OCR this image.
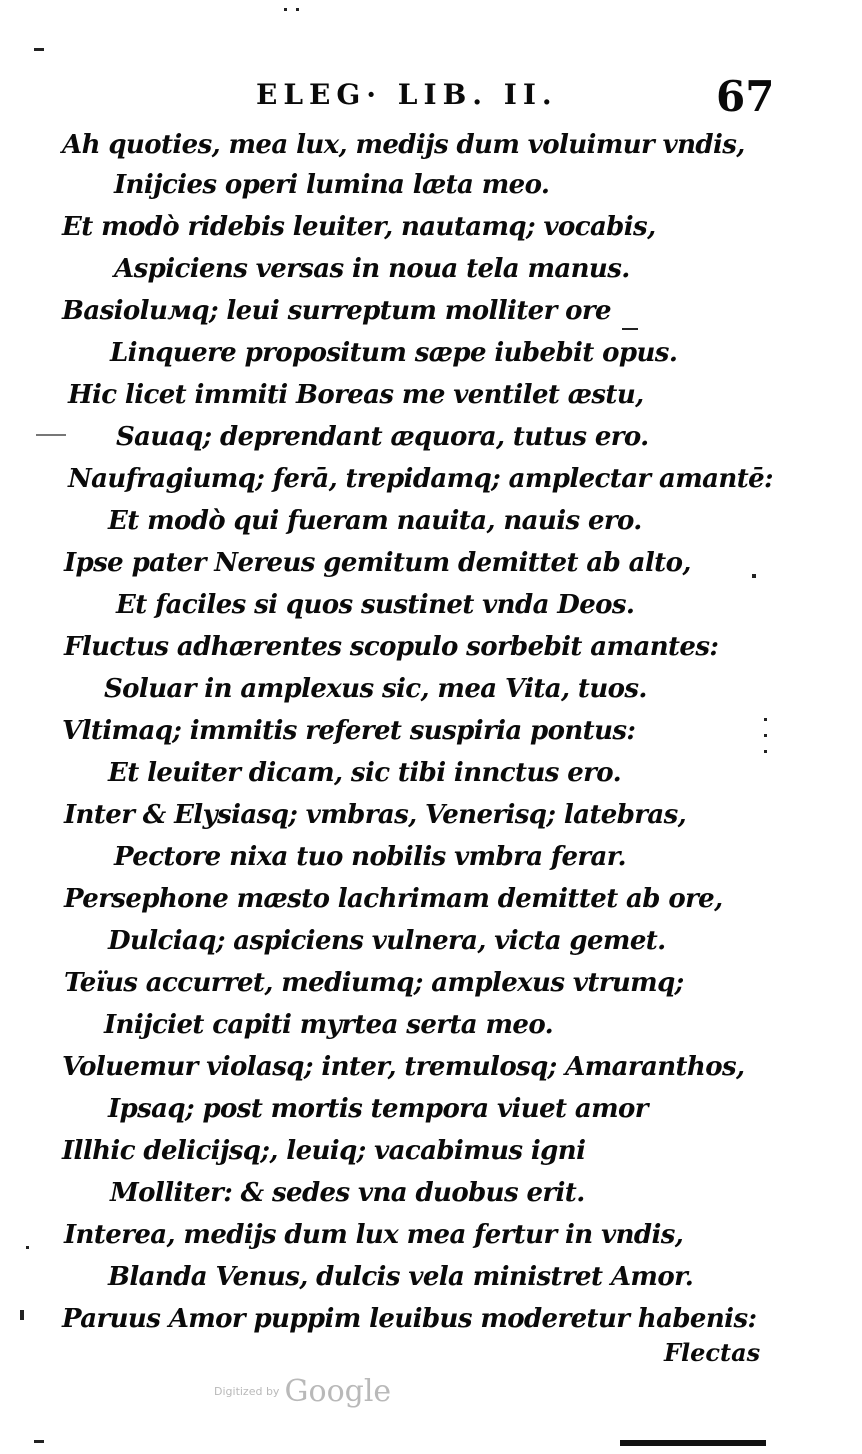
ELEG· LIB. II.	67
Ah quoties, mea lux, medijs dum voluimur vndis,
Inijcies operi lumina læta meo.
Et modò ridebis leuiter, nautamq; vocabis,
Aspiciens versas in noua tela manus.
Basioluмq; leui surreptum molliter ore
Linquere propositum sæpe iubebit opus.
Hic licet immiti Boreas me ventilet æstu,
Sauaq; deprendant æquora, tutus ero.
Naufragiumq; ferā, trepidamq; amplectar amantē:
Et modò qui fueram nauita, nauis ero.
Ipse pater Nereus gemitum demittet ab alto,
Et faciles si quos sustinet vnda Deos.
Fluctus adhærentes scopulo sorbebit amantes:
Soluar in amplexus sic, mea Vita, tuos.
Vltimaq; immitis referet suspiria pontus:
Et leuiter dicam, sic tibi innctus ero.
Inter & Elysiasq; vmbras, Venerisq; latebras,
Pectore nixa tuo nobilis vmbra ferar.
Persephone mæsto lachrimam demittet ab ore,
Dulciaq; aspiciens vulnera, victa gemet.
Teïus accurret, mediumq; amplexus vtrumq;
Inijciet capiti myrtea serta meo.
Voluemur violasq; inter, tremulosq; Amaranthos,
Ipsaq; post mortis tempora viuet amor
Illhic delicijsq;, leuiq; vacabimus igni
Molliter: & sedes vna duobus erit.
Interea, medijs dum lux mea fertur in vndis,
Blanda Venus, dulcis vela ministret Amor.
Paruus Amor puppim leuibus moderetur habenis:
Flectas
Digitized by Google
